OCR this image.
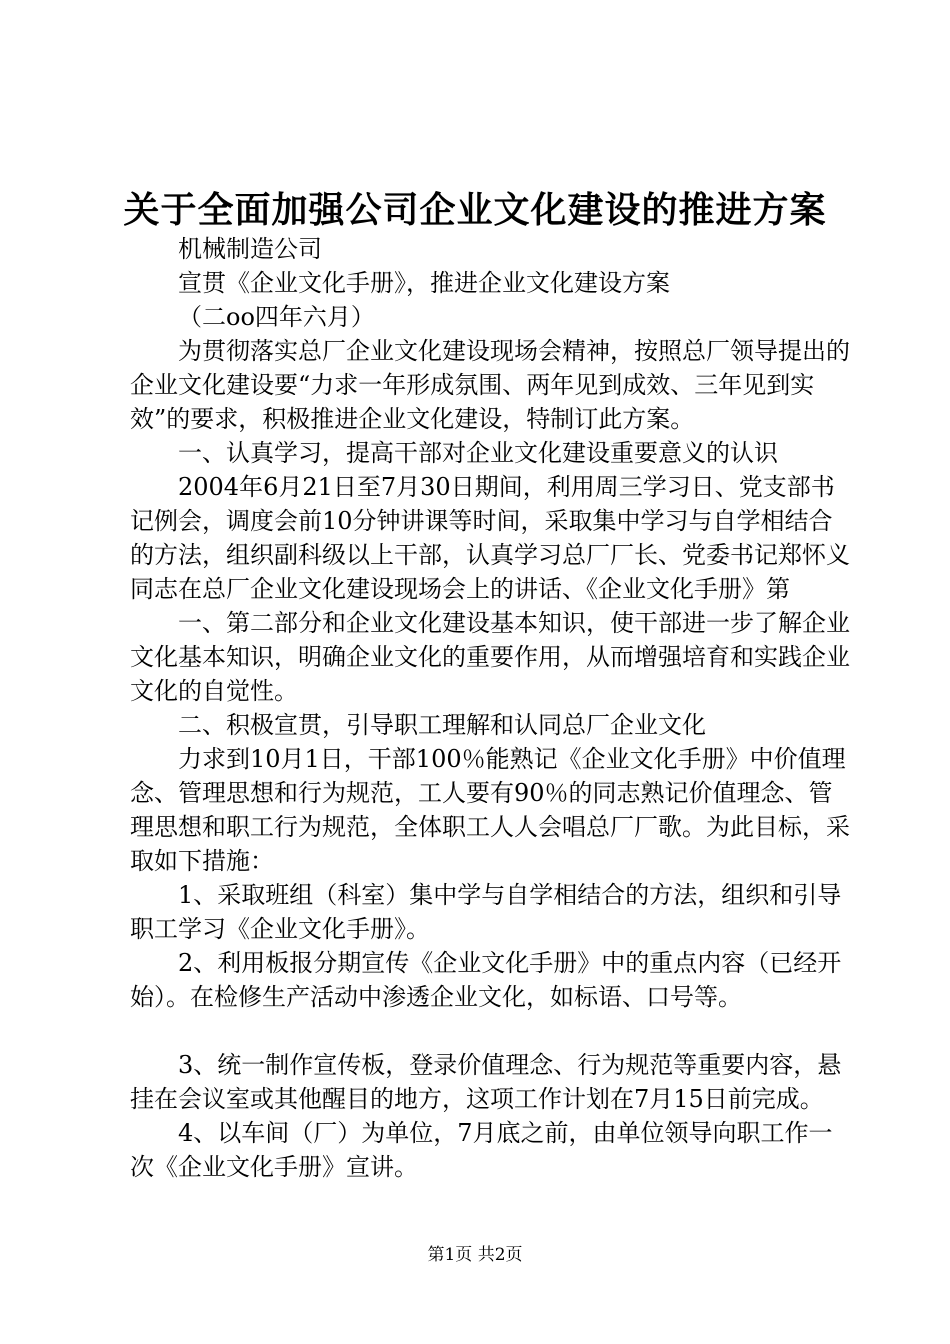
关于全面加强公司企业文化建设的推进方案

机械制造公司

宣贯《企业文化手册》，推进企业文化建设方案

（二oo四年六月）

为贯彻落实总厂企业文化建设现场会精神，按照总厂领导提出的企业文化建设要“力求一年形成氛围、两年见到成效、三年见到实效”的要求，积极推进企业文化建设，特制订此方案。

一、认真学习，提高干部对企业文化建设重要意义的认识

2004年6月21日至7月30日期间，利用周三学习日、党支部书记例会，调度会前10分钟讲课等时间，采取集中学习与自学相结合的方法，组织副科级以上干部，认真学习总厂厂长、党委书记郑怀义同志在总厂企业文化建设现场会上的讲话、《企业文化手册》第

一、第二部分和企业文化建设基本知识，使干部进一步了解企业文化基本知识，明确企业文化的重要作用，从而增强培育和实践企业文化的自觉性。

二、积极宣贯，引导职工理解和认同总厂企业文化

力求到10月1日，干部100％能熟记《企业文化手册》中价值理念、管理思想和行为规范，工人要有90％的同志熟记价值理念、管理思想和职工行为规范，全体职工人人会唱总厂厂歌。为此目标，采取如下措施：

1、采取班组（科室）集中学与自学相结合的方法，组织和引导职工学习《企业文化手册》。

2、利用板报分期宣传《企业文化手册》中的重点内容（已经开始）。在检修生产活动中渗透企业文化，如标语、口号等。

3、统一制作宣传板，登录价值理念、行为规范等重要内容，悬挂在会议室或其他醒目的地方，这项工作计划在7月15日前完成。

4、以车间（厂）为单位，7月底之前，由单位领导向职工作一次《企业文化手册》宣讲。

第1页 共2页
